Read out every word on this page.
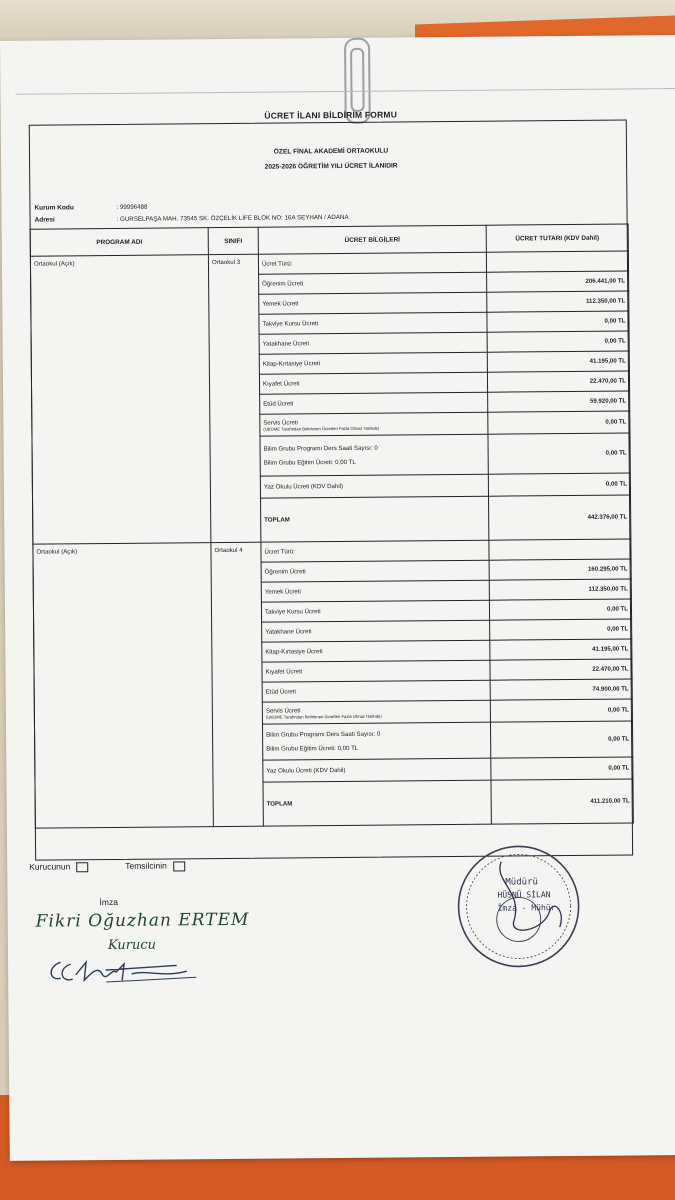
ÜCRET İLANI BİLDİRİM FORMU
ÖZEL FİNAL AKADEMİ ORTAOKULU
2025-2026 ÖĞRETİM YILI ÜCRET İLANIDIR
Kurum Kodu	: 99996488
Adresi	: GURSELPAŞA MAH. 73545 SK. ÖZÇELİK LİFE BLOK NO: 16A SEYHAN / ADANA
PROGRAM ADI	SINIFI	ÜCRET BİLGİLERİ	ÜCRET TUTARI (KDV Dahil)
Ortaokul (Açık)	Ortaokul 3	Ücret Türü:	
		Öğrenim Ücreti	206.441,00 TL
		Yemek Ücreti	112.350,00 TL
		Takviye Kursu Ücreti	0,00 TL
		Yatakhane Ücreti	0,00 TL
		Kitap-Kırtasiye Ücreti	41.195,00 TL
		Kıyafet Ücreti	22.470,00 TL
		Etüd Ücreti	59.920,00 TL
		Servis Ücreti
(UKOME Tarafından Belirlenen Ücretten Fazla Olmaz Halinde)	0,00 TL
		Bilim Grubu Programı Ders Saati Sayısı: 0

Bilim Grubu Eğitim Ücreti: 0,00 TL	0,00 TL
		Yaz Okulu Ücreti (KDV Dahil)	0,00 TL
		TOPLAM	442.376,00 TL
Ortaokul (Açık)	Ortaokul 4	Ücret Türü:	
		Öğrenim Ücreti	160.295,00 TL
		Yemek Ücreti	112.350,00 TL
		Takviye Kursu Ücreti	0,00 TL
		Yatakhane Ücreti	0,00 TL
		Kitap-Kırtasiye Ücreti	41.195,00 TL
		Kıyafet Ücreti	22.470,00 TL
		Etüd Ücreti	74.900,00 TL
		Servis Ücreti
(UKOME Tarafından Belirlenen Ücretten Fazla Olmaz Halinde)	0,00 TL
		Bilim Grubu Programı Ders Saati Sayısı: 0

Bilim Grubu Eğitim Ücreti: 0,00 TL	0,00 TL
		Yaz Okulu Ücreti (KDV Dahil)	0,00 TL
		TOPLAM	411.210,00 TL
Kurucunun	Temsilcinin
İmza
Fikri Oğuzhan ERTEM
Kurucu
Müdürü
HÜSNÜ SİLAN
İmza - Mühür
